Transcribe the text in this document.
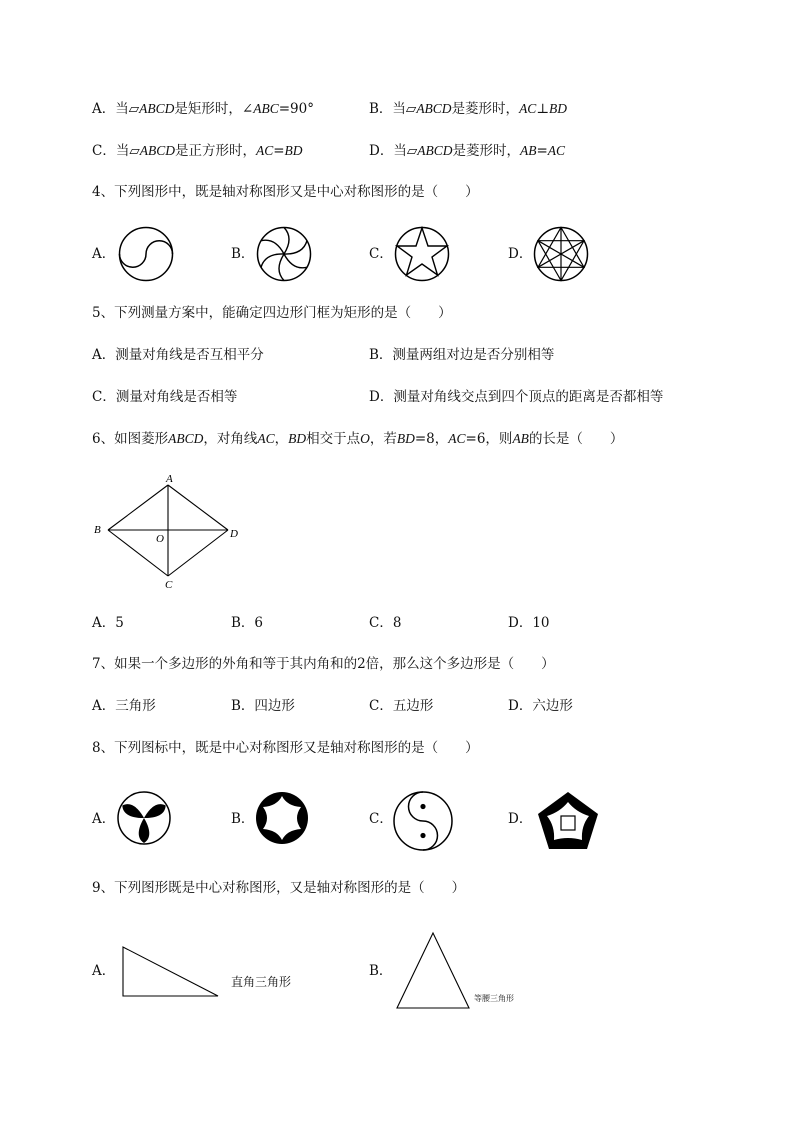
A．当▱ABCD是矩形时，∠ABC=90°	B．当▱ABCD是菱形时，AC⊥BD
C．当▱ABCD是正方形时，AC=BD	D．当▱ABCD是菱形时，AB=AC
4、下列图形中，既是轴对称图形又是中心对称图形的是（　　）
A．	B．	C．	D．
5、下列测量方案中，能确定四边形门框为矩形的是（　　）
A．测量对角线是否互相平分	B．测量两组对边是否分别相等
C．测量对角线是否相等	D．测量对角线交点到四个顶点的距离是否都相等
6、如图菱形ABCD，对角线AC，BD相交于点O，若BD=8，AC=6，则AB的长是（　　）
A
B	D
C
O
A．5	B．6	C．8	D．10
7、如果一个多边形的外角和等于其内角和的2倍，那么这个多边形是（　　）
A．三角形	B．四边形	C．五边形	D．六边形
8、下列图标中，既是中心对称图形又是轴对称图形的是（　　）
A．	B．	C．	D．
9、下列图形既是中心对称图形，又是轴对称图形的是（　　）
A．
直角三角形
B．
等腰三角形
